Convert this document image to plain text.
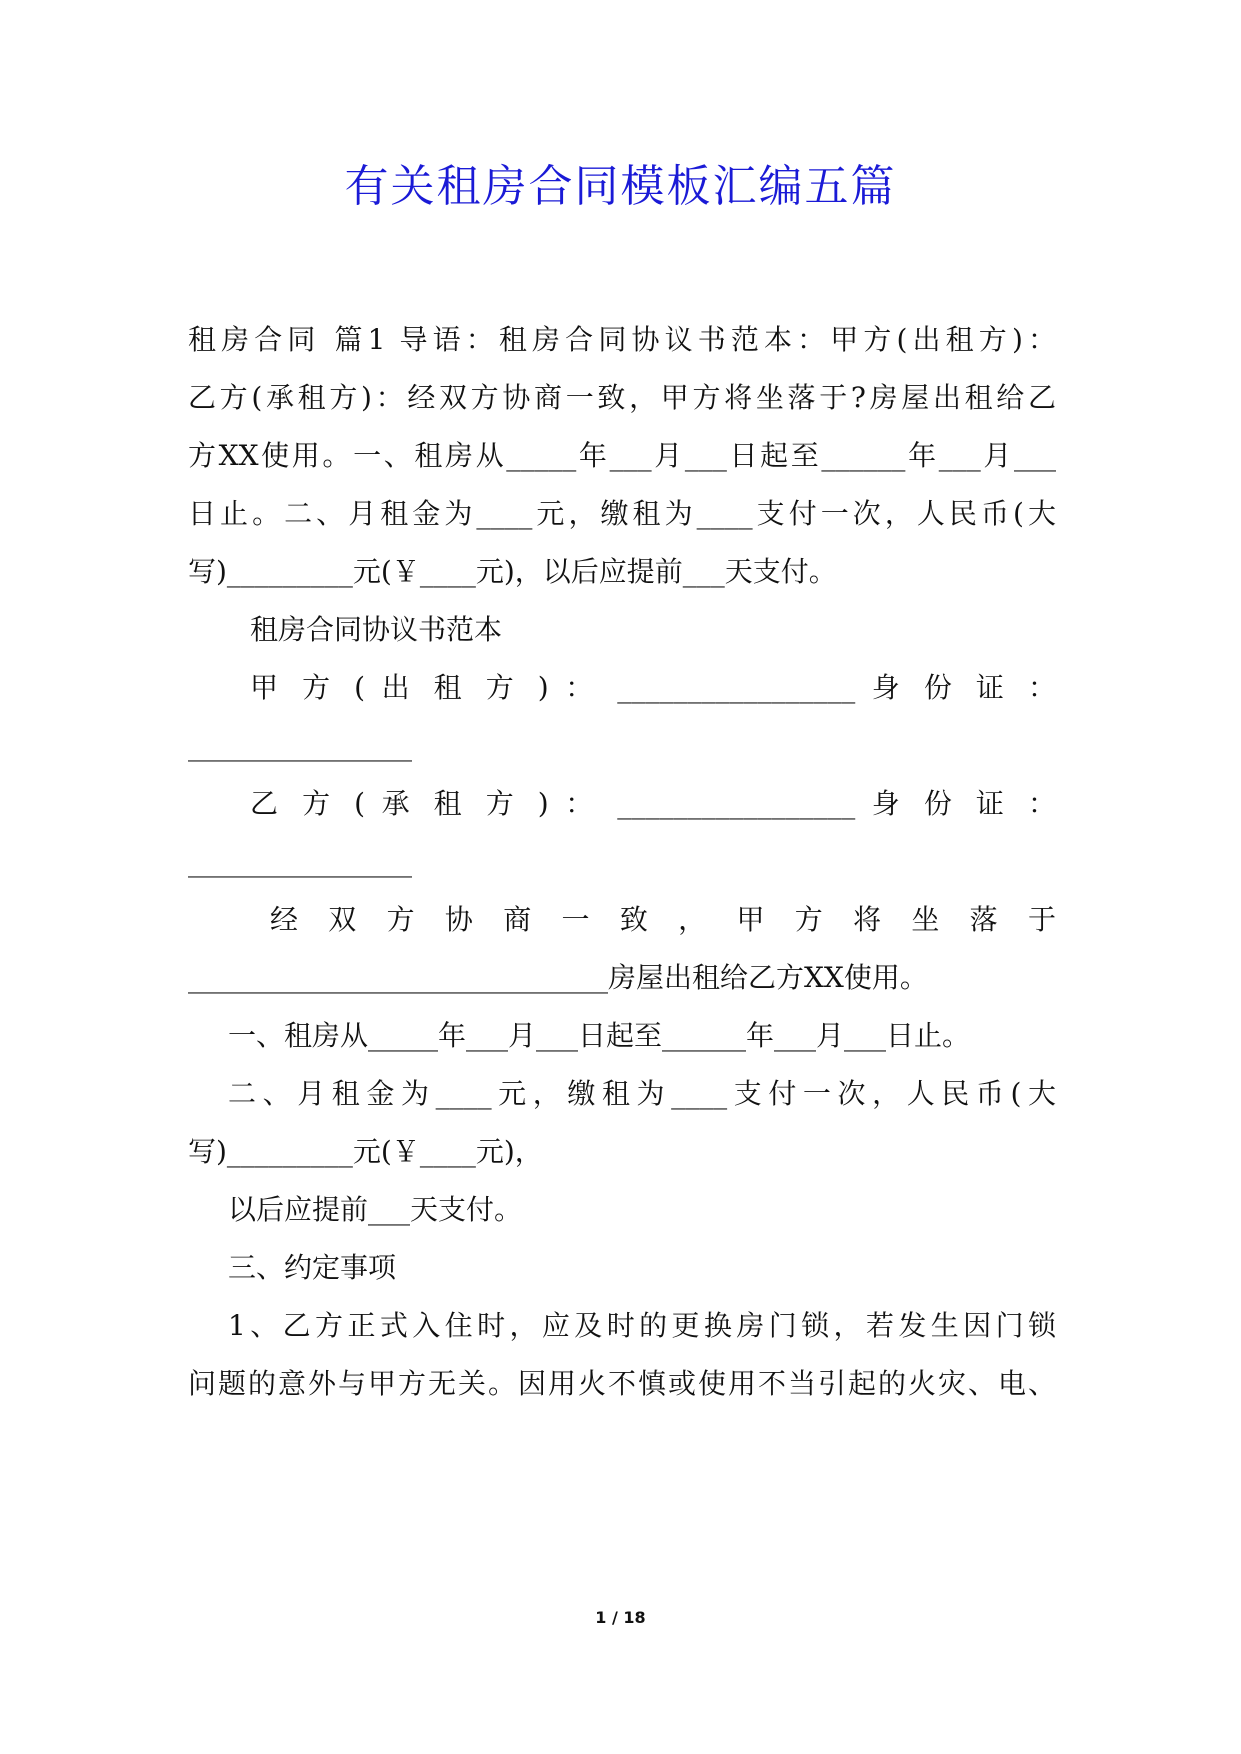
有关租房合同模板汇编五篇
租房合同 篇1 导语：租房合同协议书范本：甲方(出租方)：
乙方(承租方)：经双方协商一致，甲方将坐落于?房屋出租给乙
方XX使用。一、租房从_____年___月___日起至______年___月___
日止。二、月租金为____元，缴租为____支付一次，人民币(大
写)_________元(￥____元)，以后应提前___天支付。
租房合同协议书范本
甲 方 ( 出 租 方 ) ： _________________ 身 份 证 ：
________________
乙 方 ( 承 租 方 ) ： _________________ 身 份 证 ：
________________
经 双 方 协 商 一 致 ， 甲 方 将 坐 落 于
______________________________房屋出租给乙方XX使用。
一、租房从_____年___月___日起至______年___月___日止。
二、月租金为____元，缴租为____支付一次，人民币(大
写)_________元(￥____元)，
以后应提前___天支付。
三、约定事项
1、乙方正式入住时，应及时的更换房门锁，若发生因门锁
问题的意外与甲方无关。因用火不慎或使用不当引起的火灾、电、
1 / 18
